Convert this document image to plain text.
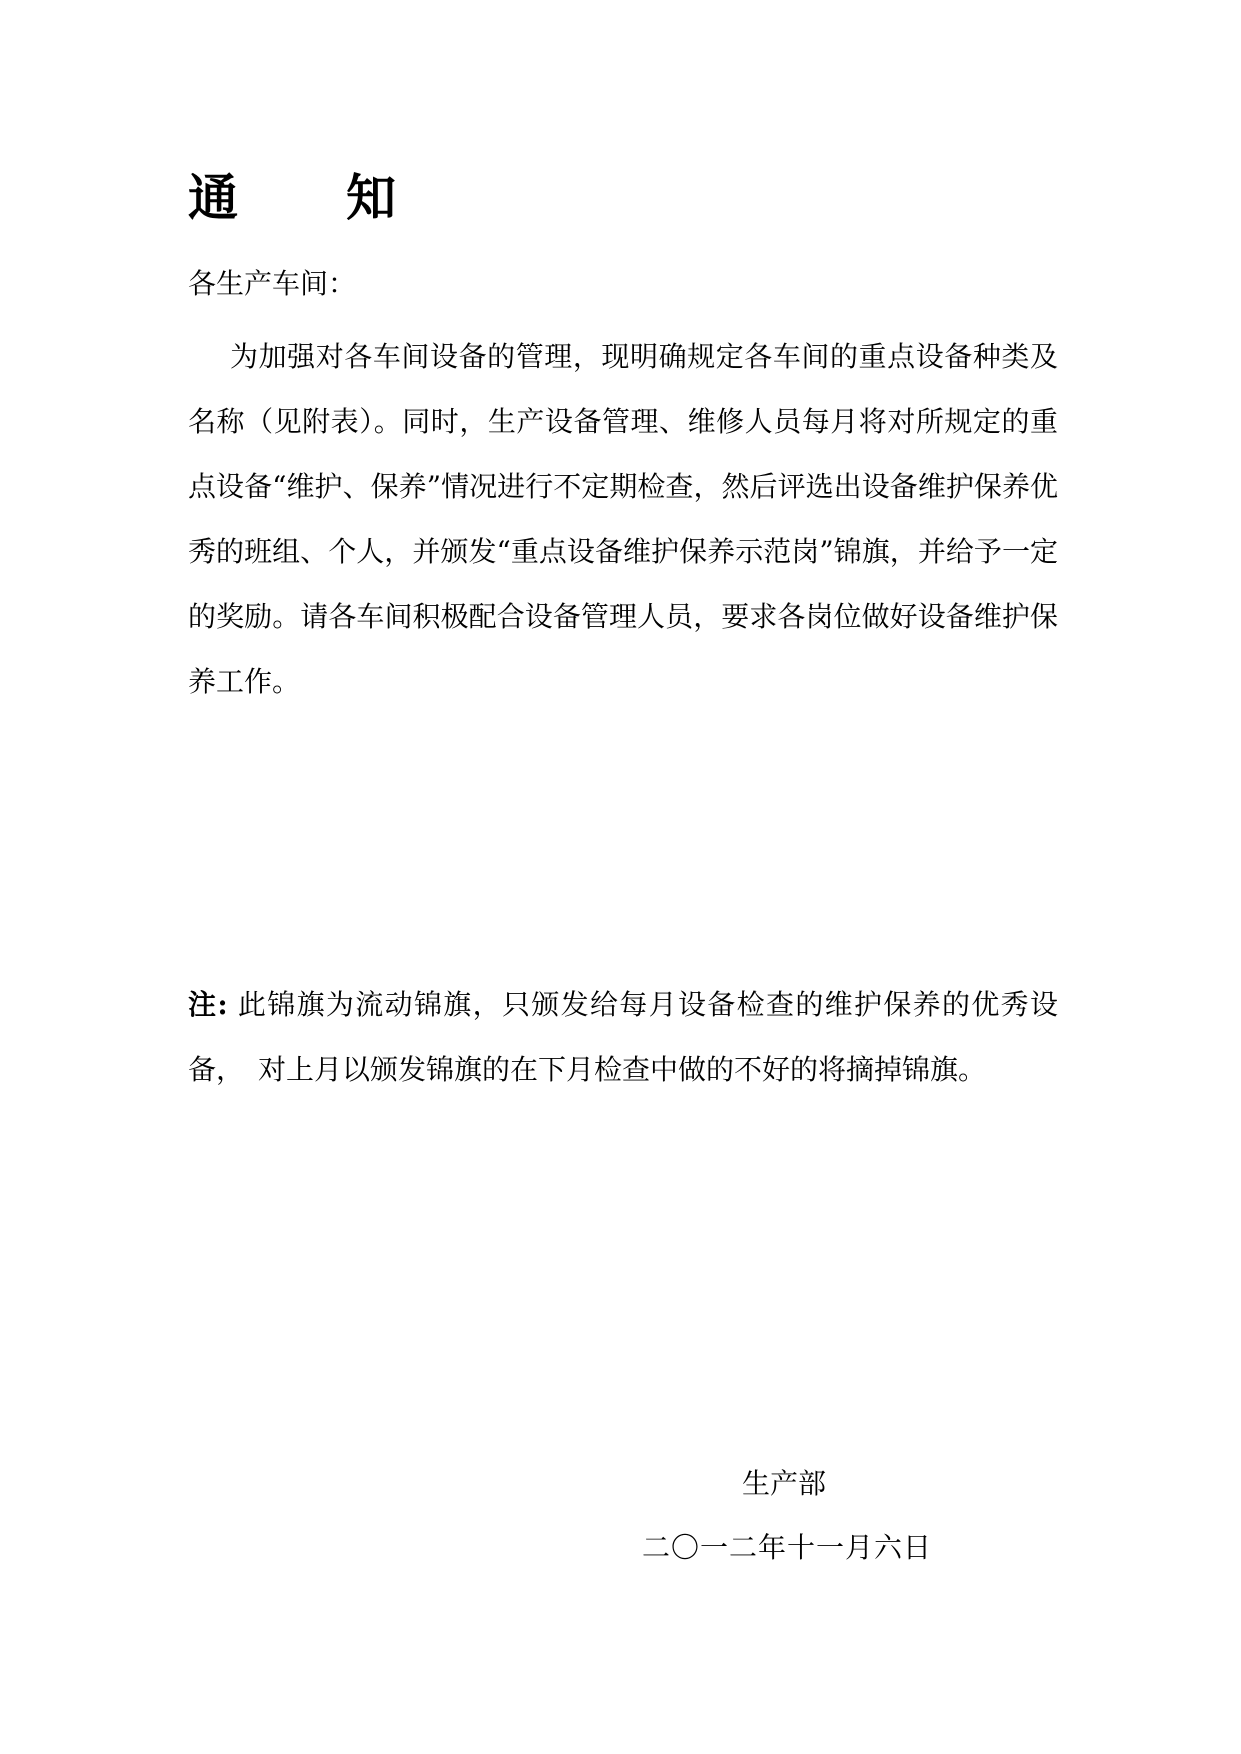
通 知
各生产车间：
为加强对各车间设备的管理，现明确规定各车间的重点设备种类及名称（见附表）。同时，生产设备管理、维修人员每月将对所规定的重点设备“维护、保养”情况进行不定期检查，然后评选出设备维护保养优秀的班组、个人，并颁发“重点设备维护保养示范岗”锦旗，并给予一定的奖励。请各车间积极配合设备管理人员，要求各岗位做好设备维护保养工作。
注: 此锦旗为流动锦旗，只颁发给每月设备检查的维护保养的优秀设备，　对上月以颁发锦旗的在下月检查中做的不好的将摘掉锦旗。
生产部
二〇一二年十一月六日
